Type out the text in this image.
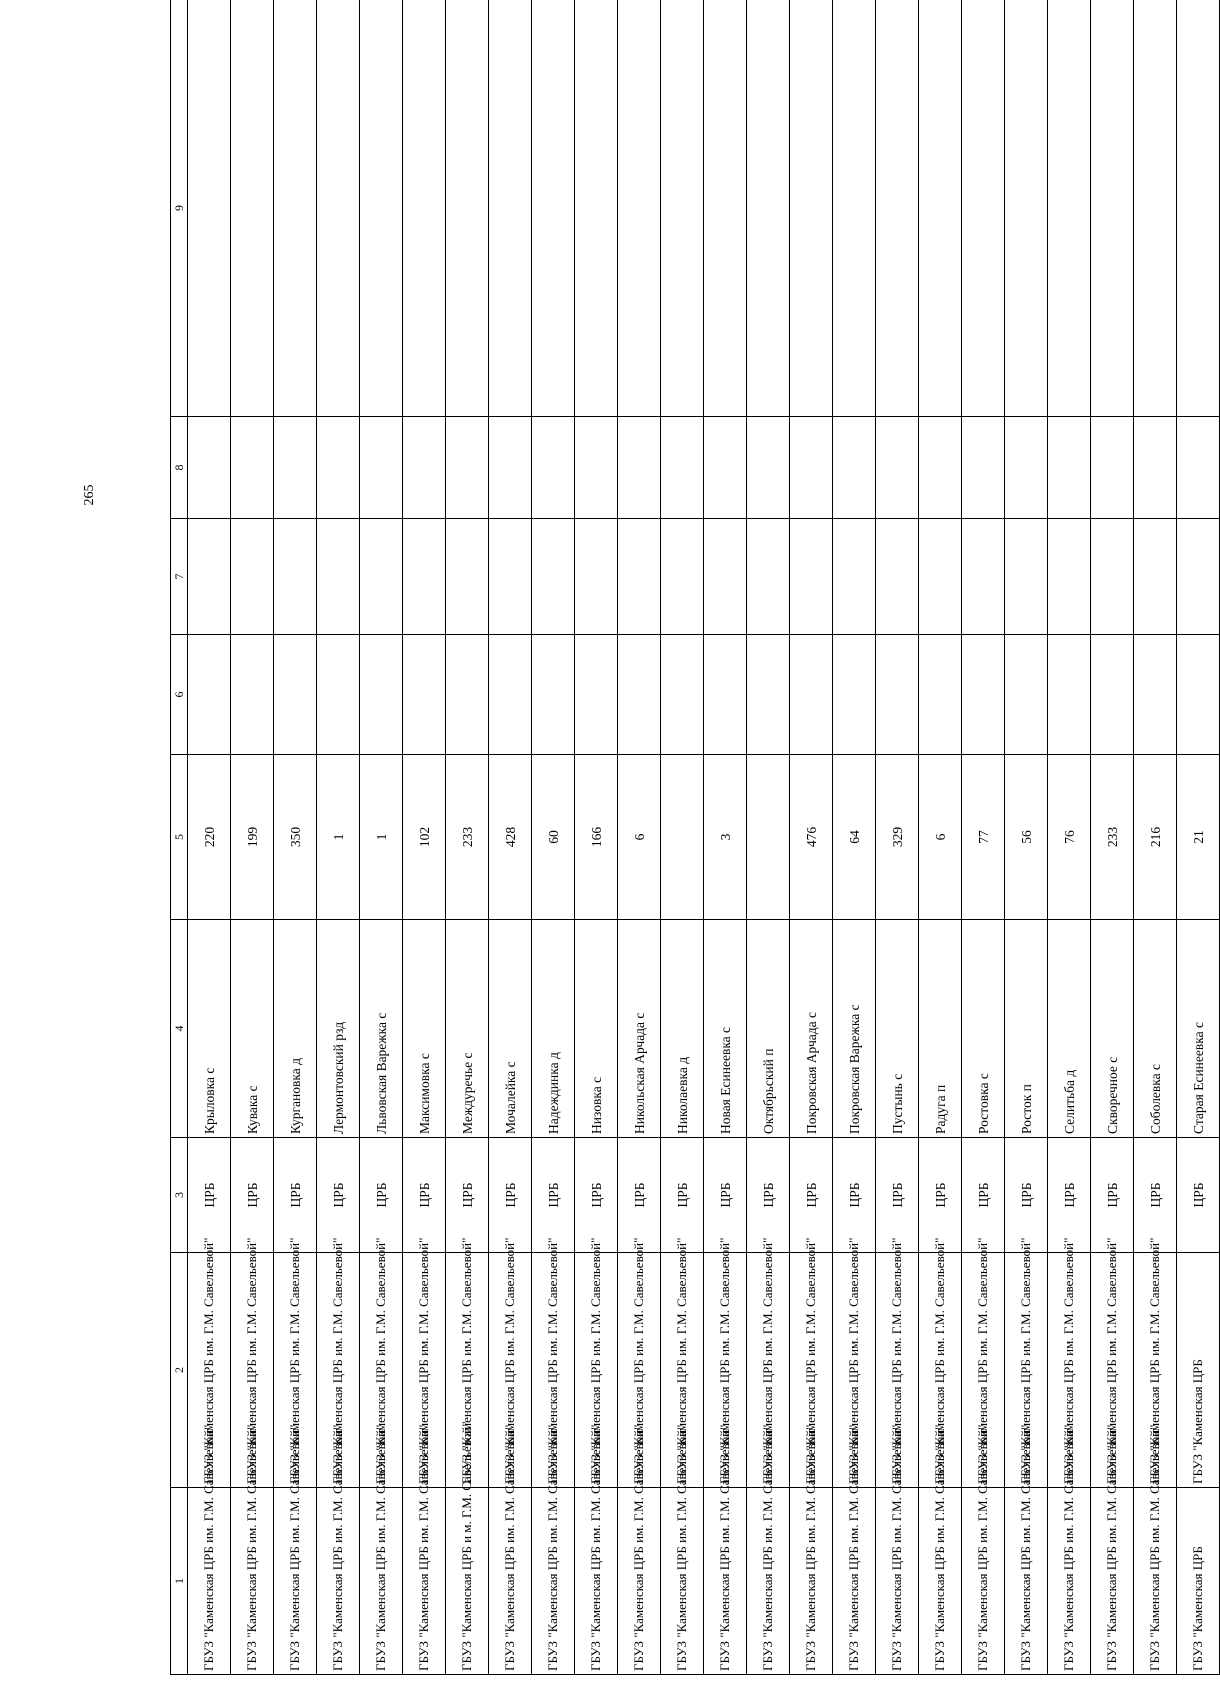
265
1	2	3	4	5	6	7	8	9
ГБУЗ "Каменская ЦРБ им. Г.М. Савельевой"	ГБУЗ "Каменская ЦРБ им. Г.М. Савельевой"	ЦРБ	Крыловка с	220				
ГБУЗ "Каменская ЦРБ им. Г.М. Савельевой"	ГБУЗ "Каменская ЦРБ им. Г.М. Савельевой"	ЦРБ	Кувака с	199				
ГБУЗ "Каменская ЦРБ им. Г.М. Савельевой"	ГБУЗ "Каменская ЦРБ им. Г.М. Савельевой"	ЦРБ	Кургановка д	350				
ГБУЗ "Каменская ЦРБ им. Г.М. Савельевой"	ГБУЗ "Каменская ЦРБ им. Г.М. Савельевой"	ЦРБ	Лермонтовский рзд	1				
ГБУЗ "Каменская ЦРБ им. Г.М. Савельевой"	ГБУЗ "Каменская ЦРБ им. Г.М. Савельевой"	ЦРБ	Львовская Варежка с	1				
ГБУЗ "Каменская ЦРБ им. Г.М. Савельевой"	ГБУЗ "Каменская ЦРБ им. Г.М. Савельевой"	ЦРБ	Максимовка с	102				
ГБУЗ "Каменская ЦРБ и м. Г.М. Савельевой"	ГБУЗ "Каменская ЦРБ им. Г.М. Савельевой"	ЦРБ	Междуречье с	233				
ГБУЗ "Каменская ЦРБ им. Г.М. Савельевой"	ГБУЗ "Каменская ЦРБ им. Г.М. Савельевой"	ЦРБ	Мочалейка с	428				
ГБУЗ "Каменская ЦРБ им. Г.М. Савельевой"	ГБУЗ "Каменская ЦРБ им. Г.М. Савельевой"	ЦРБ	Надеждинка д	60				
ГБУЗ "Каменская ЦРБ им. Г.М. Савельевой"	ГБУЗ "Каменская ЦРБ им. Г.М. Савельевой"	ЦРБ	Низовка с	166				
ГБУЗ "Каменская ЦРБ им. Г.М. Савельевой"	ГБУЗ "Каменская ЦРБ им. Г.М. Савельевой"	ЦРБ	Никольская Арчада с	6				
ГБУЗ "Каменская ЦРБ им. Г.М. Савельевой"	ГБУЗ "Каменская ЦРБ им. Г.М. Савельевой"	ЦРБ	Николаевка д					
ГБУЗ "Каменская ЦРБ им. Г.М. Савельевой"	ГБУЗ "Каменская ЦРБ им. Г.М. Савельевой"	ЦРБ	Новая Есинеевка с	3				
ГБУЗ "Каменская ЦРБ им. Г.М. Савельевой"	ГБУЗ "Каменская ЦРБ им. Г.М. Савельевой"	ЦРБ	Октябрьский п					
ГБУЗ "Каменская ЦРБ им. Г.М. Савельевой"	ГБУЗ "Каменская ЦРБ им. Г.М. Савельевой"	ЦРБ	Покровская Арчада с	476				
ГБУЗ "Каменская ЦРБ им. Г.М. Савельевой"	ГБУЗ "Каменская ЦРБ им. Г.М. Савельевой"	ЦРБ	Покровская Варежка с	64				
ГБУЗ "Каменская ЦРБ им. Г.М. Савельевой"	ГБУЗ "Каменская ЦРБ им. Г.М. Савельевой"	ЦРБ	Пустынь с	329				
ГБУЗ "Каменская ЦРБ им. Г.М. Савельевой"	ГБУЗ "Каменская ЦРБ им. Г.М. Савельевой"	ЦРБ	Радуга п	6				
ГБУЗ "Каменская ЦРБ им. Г.М. Савельевой"	ГБУЗ "Каменская ЦРБ им. Г.М. Савельевой"	ЦРБ	Ростовка с	77				
ГБУЗ "Каменская ЦРБ им. Г.М. Савельевой"	ГБУЗ "Каменская ЦРБ им. Г.М. Савельевой"	ЦРБ	Росток п	56				
ГБУЗ "Каменская ЦРБ им. Г.М. Савельевой"	ГБУЗ "Каменская ЦРБ им. Г.М. Савельевой"	ЦРБ	Селитьба д	76				
ГБУЗ "Каменская ЦРБ им. Г.М. Савельевой"	ГБУЗ "Каменская ЦРБ им. Г.М. Савельевой"	ЦРБ	Скворечное с	233				
ГБУЗ "Каменская ЦРБ им. Г.М. Савельевой"	ГБУЗ "Каменская ЦРБ им. Г.М. Савельевой"	ЦРБ	Соболевка с	216				
ГБУЗ "Каменская ЦРБ	ГБУЗ "Каменская ЦРБ	ЦРБ	Старая Есинеевка с	21				
